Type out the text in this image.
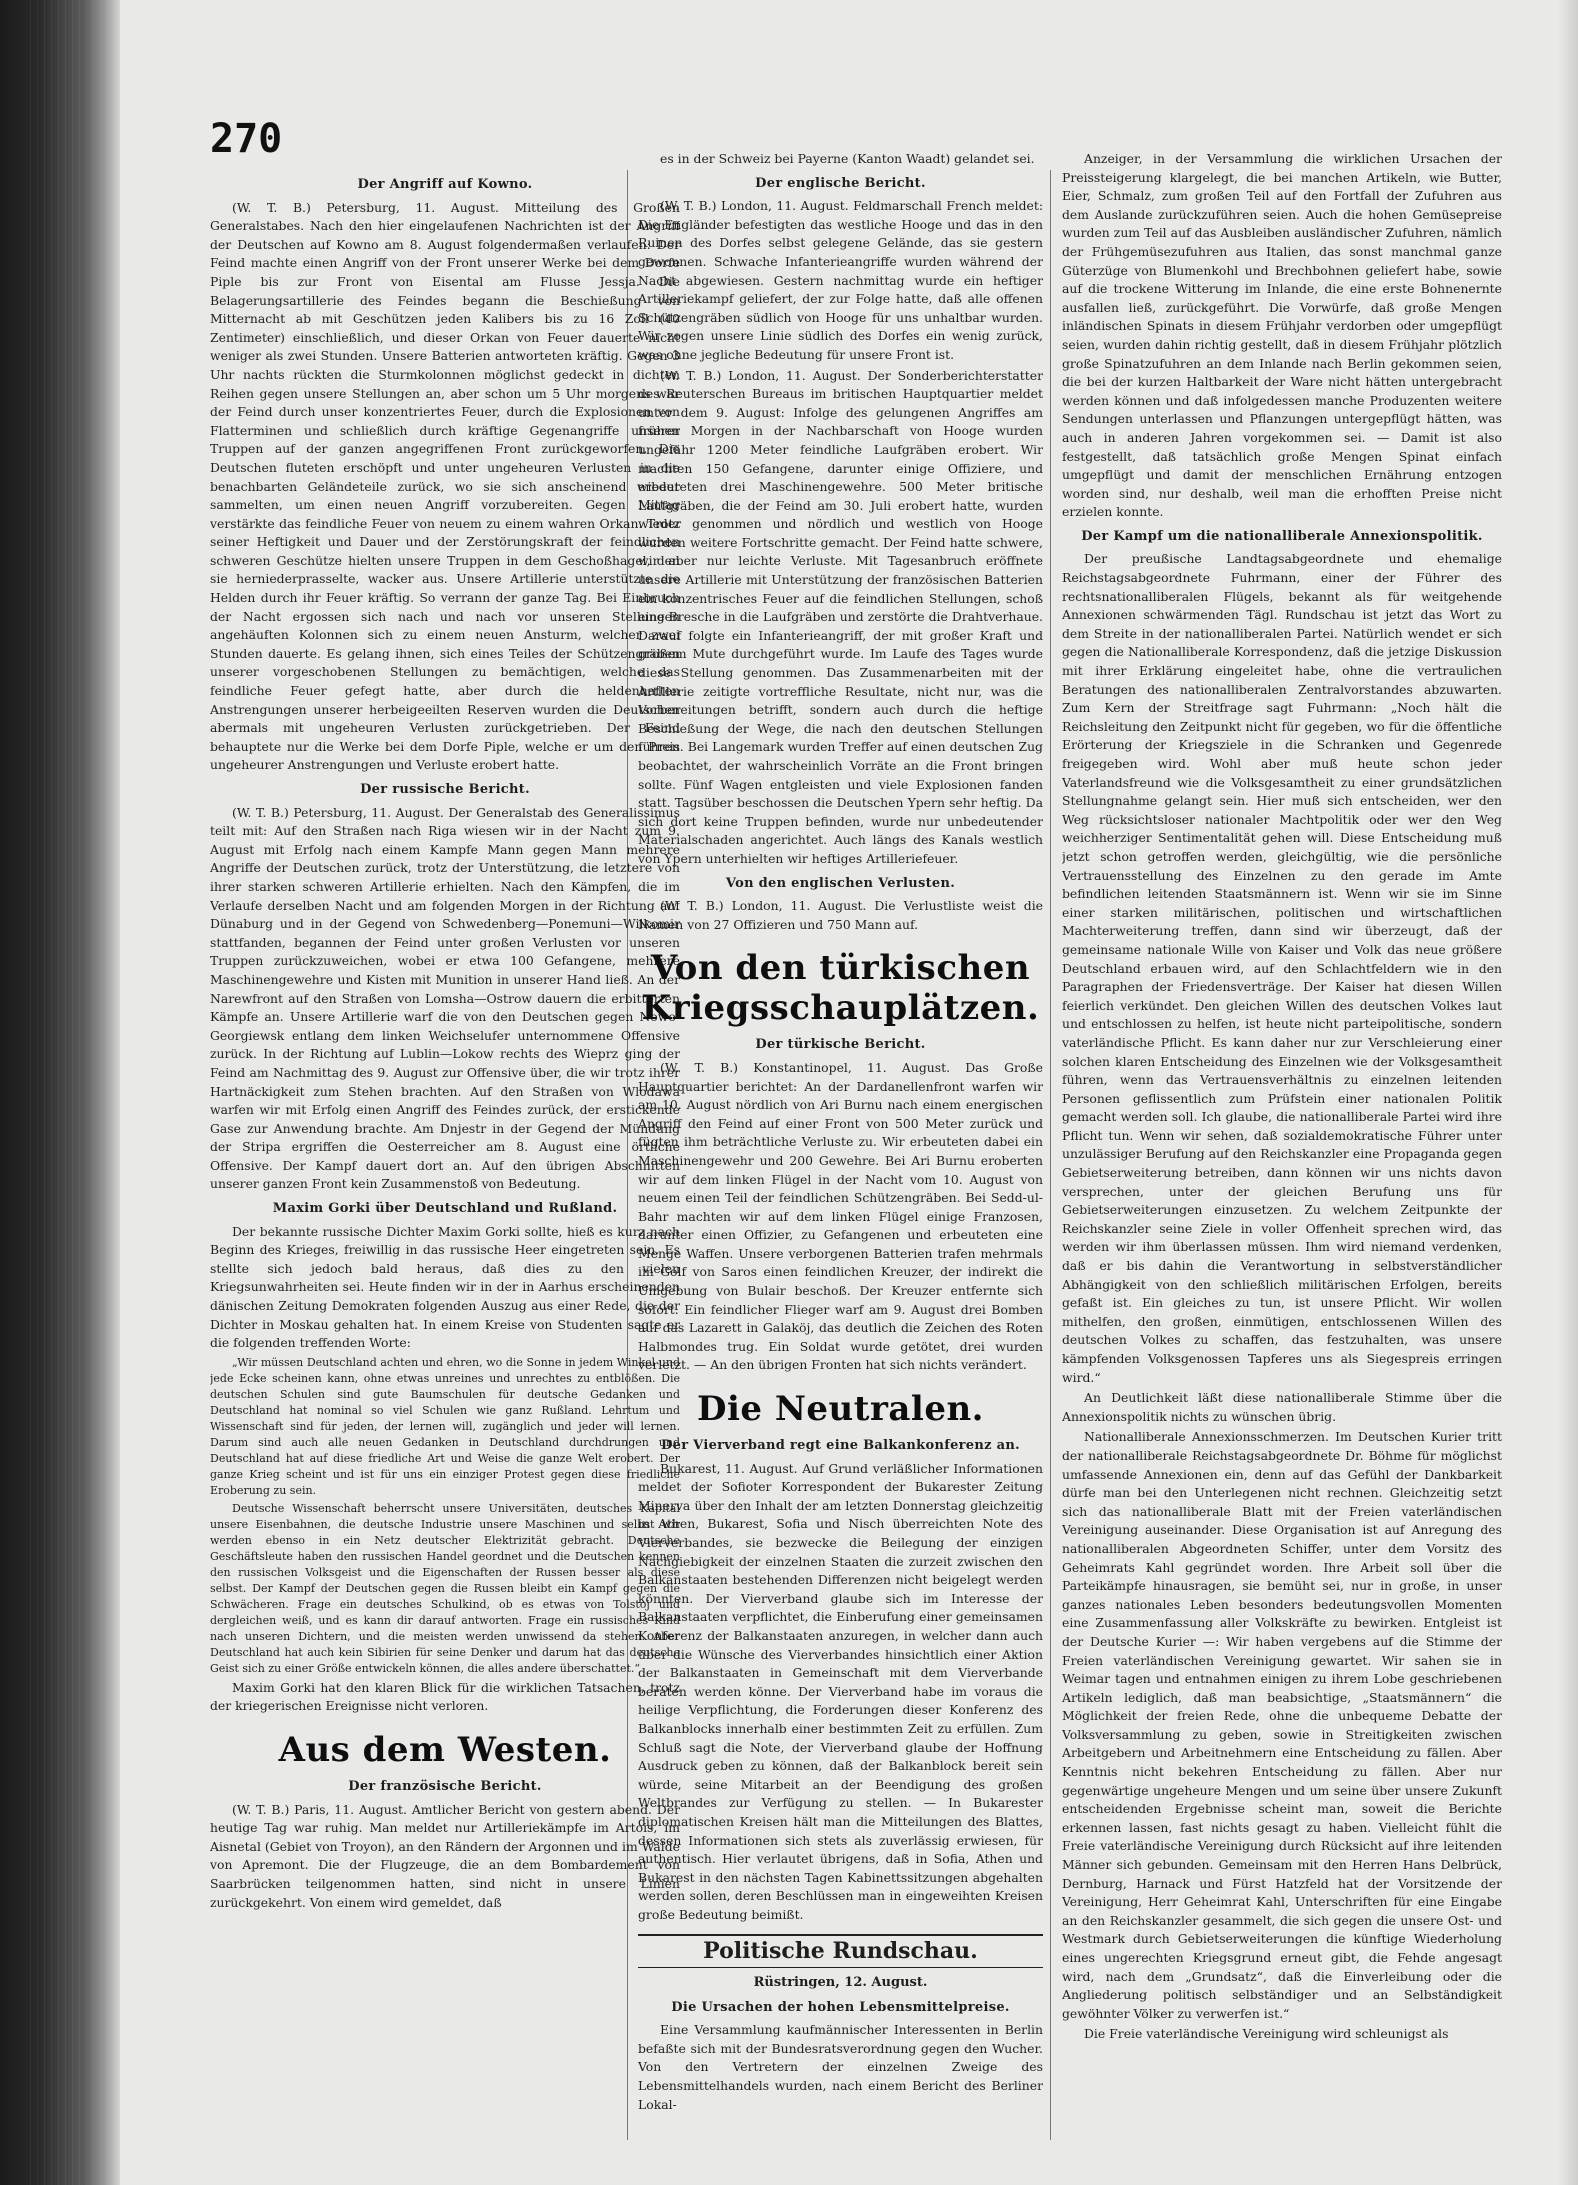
270
Der Angriff auf Kowno.
(W. T. B.) Petersburg, 11. August. Mitteilung des Großen Generalstabes. Nach den hier eingelaufenen Nachrichten ist der Angriff der Deutschen auf Kowno am 8. August folgendermaßen verlaufen: Der Feind machte einen Angriff von der Front unserer Werke bei dem Dorfe Piple bis zur Front von Eisental am Flusse Jessja. Die Belagerungsartillerie des Feindes begann die Beschießung von Mitternacht ab mit Geschützen jeden Kalibers bis zu 16 Zoll (40 Zentimeter) einschließlich, und dieser Orkan von Feuer dauerte nicht weniger als zwei Stunden. Unsere Batterien antworteten kräftig. Gegen 3 Uhr nachts rückten die Sturmkolonnen möglichst gedeckt in dichten Reihen gegen unsere Stellungen an, aber schon um 5 Uhr morgens war der Feind durch unser konzentriertes Feuer, durch die Explosionen von Flatterminen und schließlich durch kräftige Gegenangriffe unserer Truppen auf der ganzen angegriffenen Front zurückgeworfen. Die Deutschen fluteten erschöpft und unter ungeheuren Verlusten in die benachbarten Geländeteile zurück, wo sie sich anscheinend wieder sammelten, um einen neuen Angriff vorzubereiten. Gegen Mittag verstärkte das feindliche Feuer von neuem zu einem wahren Orkan. Trotz seiner Heftigkeit und Dauer und der Zerstörungskraft der feindlichen schweren Geschütze hielten unsere Truppen in dem Geschoßhagel, den sie herniederprasselte, wacker aus. Unsere Artillerie unterstützte die Helden durch ihr Feuer kräftig. So verrann der ganze Tag. Bei Einbruch der Nacht ergossen sich nach und nach vor unseren Stellungen angehäuften Kolonnen sich zu einem neuen Ansturm, welcher zwei Stunden dauerte. Es gelang ihnen, sich eines Teiles der Schützengräben unserer vorgeschobenen Stellungen zu bemächtigen, welche das feindliche Feuer gefegt hatte, aber durch die heldenhaften Anstrengungen unserer herbeigeeilten Reserven wurden die Deutschen abermals mit ungeheuren Verlusten zurückgetrieben. Der Feind behauptete nur die Werke bei dem Dorfe Piple, welche er um den Preis ungeheurer Anstrengungen und Verluste erobert hatte.
Der russische Bericht.
(W. T. B.) Petersburg, 11. August. Der Generalstab des Generalissimus teilt mit: Auf den Straßen nach Riga wiesen wir in der Nacht zum 9. August mit Erfolg nach einem Kampfe Mann gegen Mann mehrere Angriffe der Deutschen zurück, trotz der Unterstützung, die letztere von ihrer starken schweren Artillerie erhielten. Nach den Kämpfen, die im Verlaufe derselben Nacht und am folgenden Morgen in der Richtung auf Dünaburg und in der Gegend von Schwedenberg—Ponemuni—Wilkomir stattfanden, begannen der Feind unter großen Verlusten vor unseren Truppen zurückzuweichen, wobei er etwa 100 Gefangene, mehrere Maschinengewehre und Kisten mit Munition in unserer Hand ließ. An der Narewfront auf den Straßen von Lomsha—Ostrow dauern die erbitterten Kämpfe an. Unsere Artillerie warf die von den Deutschen gegen Nowo-Georgiewsk entlang dem linken Weichselufer unternommene Offensive zurück. In der Richtung auf Lublin—Lokow rechts des Wieprz ging der Feind am Nachmittag des 9. August zur Offensive über, die wir trotz ihrer Hartnäckigkeit zum Stehen brachten. Auf den Straßen von Wlodawa warfen wir mit Erfolg einen Angriff des Feindes zurück, der erstickende Gase zur Anwendung brachte. Am Dnjestr in der Gegend der Mündung der Stripa ergriffen die Oesterreicher am 8. August eine örtliche Offensive. Der Kampf dauert dort an. Auf den übrigen Abschnitten unserer ganzen Front kein Zusammenstoß von Bedeutung.
Maxim Gorki über Deutschland und Rußland.
Der bekannte russische Dichter Maxim Gorki sollte, hieß es kurz nach Beginn des Krieges, freiwillig in das russische Heer eingetreten sein. Es stellte sich jedoch bald heraus, daß dies zu den vielen Kriegsunwahrheiten sei. Heute finden wir in der in Aarhus erscheinenden dänischen Zeitung Demokraten folgenden Auszug aus einer Rede, die der Dichter in Moskau gehalten hat. In einem Kreise von Studenten sagte er die folgenden treffenden Worte:
„Wir müssen Deutschland achten und ehren, wo die Sonne in jedem Winkel und jede Ecke scheinen kann, ohne etwas unreines und unrechtes zu entblößen. Die deutschen Schulen sind gute Baumschulen für deutsche Gedanken und Deutschland hat nominal so viel Schulen wie ganz Rußland. Lehrtum und Wissenschaft sind für jeden, der lernen will, zugänglich und jeder will lernen. Darum sind auch alle neuen Gedanken in Deutschland durchdrungen und Deutschland hat auf diese friedliche Art und Weise die ganze Welt erobert. Der ganze Krieg scheint und ist für uns ein einziger Protest gegen diese friedliche Eroberung zu sein.
Deutsche Wissenschaft beherrscht unsere Universitäten, deutsches Kapital unsere Eisenbahnen, die deutsche Industrie unsere Maschinen und selbst wir werden ebenso in ein Netz deutscher Elektrizität gebracht. Deutsche Geschäftsleute haben den russischen Handel geordnet und die Deutschen kennen den russischen Volksgeist und die Eigenschaften der Russen besser als diese selbst. Der Kampf der Deutschen gegen die Russen bleibt ein Kampf gegen die Schwächeren. Frage ein deutsches Schulkind, ob es etwas von Tolstoj und dergleichen weiß, und es kann dir darauf antworten. Frage ein russisches Kind nach unseren Dichtern, und die meisten werden unwissend da stehen. Aber Deutschland hat auch kein Sibirien für seine Denker und darum hat das deutsche Geist sich zu einer Größe entwickeln können, die alles andere überschattet.“
Maxim Gorki hat den klaren Blick für die wirklichen Tatsachen, trotz der kriegerischen Ereignisse nicht verloren.
Aus dem Westen.
Der französische Bericht.
(W. T. B.) Paris, 11. August. Amtlicher Bericht von gestern abend. Der heutige Tag war ruhig. Man meldet nur Artilleriekämpfe im Artois, im Aisnetal (Gebiet von Troyon), an den Rändern der Argonnen und im Walde von Apremont. Die der Flugzeuge, die an dem Bombardement von Saarbrücken teilgenommen hatten, sind nicht in unsere Linien zurückgekehrt. Von einem wird gemeldet, daß
es in der Schweiz bei Payerne (Kanton Waadt) gelandet sei.
Der englische Bericht.
(W. T. B.) London, 11. August. Feldmarschall French meldet: Die Engländer befestigten das westliche Hooge und das in den Ruinen des Dorfes selbst gelegene Gelände, das sie gestern gewonnen. Schwache Infanterieangriffe wurden während der Nacht abgewiesen. Gestern nachmittag wurde ein heftiger Artilleriekampf geliefert, der zur Folge hatte, daß alle offenen Schützengräben südlich von Hooge für uns unhaltbar wurden. Wir zogen unsere Linie südlich des Dorfes ein wenig zurück, was ohne jegliche Bedeutung für unsere Front ist.
(W. T. B.) London, 11. August. Der Sonderberichterstatter des Reuterschen Bureaus im britischen Hauptquartier meldet unter dem 9. August: Infolge des gelungenen Angriffes am frühen Morgen in der Nachbarschaft von Hooge wurden ungefähr 1200 Meter feindliche Laufgräben erobert. Wir machten 150 Gefangene, darunter einige Offiziere, und erbeuteten drei Maschinengewehre. 500 Meter britische Laufgräben, die der Feind am 30. Juli erobert hatte, wurden wieder genommen und nördlich und westlich von Hooge wurden weitere Fortschritte gemacht. Der Feind hatte schwere, wir aber nur leichte Verluste. Mit Tagesanbruch eröffnete unsere Artillerie mit Unterstützung der französischen Batterien ein konzentrisches Feuer auf die feindlichen Stellungen, schoß eine Bresche in die Laufgräben und zerstörte die Drahtverhaue. Darauf folgte ein Infanterieangriff, der mit großer Kraft und großem Mute durchgeführt wurde. Im Laufe des Tages wurde diese Stellung genommen. Das Zusammenarbeiten mit der Artillerie zeitigte vortreffliche Resultate, nicht nur, was die Vorbereitungen betrifft, sondern auch durch die heftige Beschießung der Wege, die nach den deutschen Stellungen führen. Bei Langemark wurden Treffer auf einen deutschen Zug beobachtet, der wahrscheinlich Vorräte an die Front bringen sollte. Fünf Wagen entgleisten und viele Explosionen fanden statt. Tagsüber beschossen die Deutschen Ypern sehr heftig. Da sich dort keine Truppen befinden, wurde nur unbedeutender Materialschaden angerichtet. Auch längs des Kanals westlich von Ypern unterhielten wir heftiges Artilleriefeuer.
Von den englischen Verlusten.
(W. T. B.) London, 11. August. Die Verlustliste weist die Namen von 27 Offizieren und 750 Mann auf.
Von den türkischen Kriegsschauplätzen.
Der türkische Bericht.
(W. T. B.) Konstantinopel, 11. August. Das Große Hauptquartier berichtet: An der Dardanellenfront warfen wir am 10. August nördlich von Ari Burnu nach einem energischen Angriff den Feind auf einer Front von 500 Meter zurück und fügten ihm beträchtliche Verluste zu. Wir erbeuteten dabei ein Maschinengewehr und 200 Gewehre. Bei Ari Burnu eroberten wir auf dem linken Flügel in der Nacht vom 10. August von neuem einen Teil der feindlichen Schützengräben. Bei Sedd-ul-Bahr machten wir auf dem linken Flügel einige Franzosen, darunter einen Offizier, zu Gefangenen und erbeuteten eine Menge Waffen. Unsere verborgenen Batterien trafen mehrmals im Golf von Saros einen feindlichen Kreuzer, der indirekt die Umgebung von Bulair beschoß. Der Kreuzer entfernte sich sofort. Ein feindlicher Flieger warf am 9. August drei Bomben auf das Lazarett in Galaköj, das deutlich die Zeichen des Roten Halbmondes trug. Ein Soldat wurde getötet, drei wurden verletzt. — An den übrigen Fronten hat sich nichts verändert.
Die Neutralen.
Der Vierverband regt eine Balkankonferenz an.
Bukarest, 11. August. Auf Grund verläßlicher Informationen meldet der Sofioter Korrespondent der Bukarester Zeitung Minerva über den Inhalt der am letzten Donnerstag gleichzeitig in Athen, Bukarest, Sofia und Nisch überreichten Note des Vierverbandes, sie bezwecke die Beilegung der einzigen Nachgiebigkeit der einzelnen Staaten die zurzeit zwischen den Balkanstaaten bestehenden Differenzen nicht beigelegt werden könnten. Der Vierverband glaube sich im Interesse der Balkanstaaten verpflichtet, die Einberufung einer gemeinsamen Konferenz der Balkanstaaten anzuregen, in welcher dann auch über die Wünsche des Vierverbandes hinsichtlich einer Aktion der Balkanstaaten in Gemeinschaft mit dem Vierverbande beraten werden könne. Der Vierverband habe im voraus die heilige Verpflichtung, die Forderungen dieser Konferenz des Balkanblocks innerhalb einer bestimmten Zeit zu erfüllen. Zum Schluß sagt die Note, der Vierverband glaube der Hoffnung Ausdruck geben zu können, daß der Balkanblock bereit sein würde, seine Mitarbeit an der Beendigung des großen Weltbrandes zur Verfügung zu stellen. — In Bukarester diplomatischen Kreisen hält man die Mitteilungen des Blattes, dessen Informationen sich stets als zuverlässig erwiesen, für authentisch. Hier verlautet übrigens, daß in Sofia, Athen und Bukarest in den nächsten Tagen Kabinettssitzungen abgehalten werden sollen, deren Beschlüssen man in eingeweihten Kreisen große Bedeutung beimißt.
Politische Rundschau.
Rüstringen, 12. August.
Die Ursachen der hohen Lebensmittelpreise.
Eine Versammlung kaufmännischer Interessenten in Berlin befaßte sich mit der Bundesratsverordnung gegen den Wucher. Von den Vertretern der einzelnen Zweige des Lebensmittelhandels wurden, nach einem Bericht des Berliner Lokal-
Anzeiger, in der Versammlung die wirklichen Ursachen der Preissteigerung klargelegt, die bei manchen Artikeln, wie Butter, Eier, Schmalz, zum großen Teil auf den Fortfall der Zufuhren aus dem Auslande zurückzuführen seien. Auch die hohen Gemüsepreise wurden zum Teil auf das Ausbleiben ausländischer Zufuhren, nämlich der Frühgemüsezufuhren aus Italien, das sonst manchmal ganze Güterzüge von Blumenkohl und Brechbohnen geliefert habe, sowie auf die trockene Witterung im Inlande, die eine erste Bohnenernte ausfallen ließ, zurückgeführt. Die Vorwürfe, daß große Mengen inländischen Spinats in diesem Frühjahr verdorben oder umgepflügt seien, wurden dahin richtig gestellt, daß in diesem Frühjahr plötzlich große Spinatzufuhren an dem Inlande nach Berlin gekommen seien, die bei der kurzen Haltbarkeit der Ware nicht hätten untergebracht werden können und daß infolgedessen manche Produzenten weitere Sendungen unterlassen und Pflanzungen untergepflügt hätten, was auch in anderen Jahren vorgekommen sei. — Damit ist also festgestellt, daß tatsächlich große Mengen Spinat einfach umgepflügt und damit der menschlichen Ernährung entzogen worden sind, nur deshalb, weil man die erhofften Preise nicht erzielen konnte.
Der Kampf um die nationalliberale Annexionspolitik.
Der preußische Landtagsabgeordnete und ehemalige Reichstagsabgeordnete Fuhrmann, einer der Führer des rechtsnationalliberalen Flügels, bekannt als für weitgehende Annexionen schwärmenden Tägl. Rundschau ist jetzt das Wort zu dem Streite in der nationalliberalen Partei. Natürlich wendet er sich gegen die Nationalliberale Korrespondenz, daß die jetzige Diskussion mit ihrer Erklärung eingeleitet habe, ohne die vertraulichen Beratungen des nationalliberalen Zentralvorstandes abzuwarten. Zum Kern der Streitfrage sagt Fuhrmann: „Noch hält die Reichsleitung den Zeitpunkt nicht für gegeben, wo für die öffentliche Erörterung der Kriegsziele in die Schranken und Gegenrede freigegeben wird. Wohl aber muß heute schon jeder Vaterlandsfreund wie die Volksgesamtheit zu einer grundsätzlichen Stellungnahme gelangt sein. Hier muß sich entscheiden, wer den Weg rücksichtsloser nationaler Machtpolitik oder wer den Weg weichherziger Sentimentalität gehen will. Diese Entscheidung muß jetzt schon getroffen werden, gleichgültig, wie die persönliche Vertrauensstellung des Einzelnen zu den gerade im Amte befindlichen leitenden Staatsmännern ist. Wenn wir sie im Sinne einer starken militärischen, politischen und wirtschaftlichen Machterweiterung treffen, dann sind wir überzeugt, daß der gemeinsame nationale Wille von Kaiser und Volk das neue größere Deutschland erbauen wird, auf den Schlachtfeldern wie in den Paragraphen der Friedensverträge. Der Kaiser hat diesen Willen feierlich verkündet. Den gleichen Willen des deutschen Volkes laut und entschlossen zu helfen, ist heute nicht parteipolitische, sondern vaterländische Pflicht. Es kann daher nur zur Verschleierung einer solchen klaren Entscheidung des Einzelnen wie der Volksgesamtheit führen, wenn das Vertrauensverhältnis zu einzelnen leitenden Personen geflissentlich zum Prüfstein einer nationalen Politik gemacht werden soll. Ich glaube, die nationalliberale Partei wird ihre Pflicht tun. Wenn wir sehen, daß sozialdemokratische Führer unter unzulässiger Berufung auf den Reichskanzler eine Propaganda gegen Gebietserweiterung betreiben, dann können wir uns nichts davon versprechen, unter der gleichen Berufung uns für Gebietserweiterungen einzusetzen. Zu welchem Zeitpunkte der Reichskanzler seine Ziele in voller Offenheit sprechen wird, das werden wir ihm überlassen müssen. Ihm wird niemand verdenken, daß er bis dahin die Verantwortung in selbstverständlicher Abhängigkeit von den schließlich militärischen Erfolgen, bereits gefaßt ist. Ein gleiches zu tun, ist unsere Pflicht. Wir wollen mithelfen, den großen, einmütigen, entschlossenen Willen des deutschen Volkes zu schaffen, das festzuhalten, was unsere kämpfenden Volksgenossen Tapferes uns als Siegespreis erringen wird.“
An Deutlichkeit läßt diese nationalliberale Stimme über die Annexionspolitik nichts zu wünschen übrig.
Nationalliberale Annexionsschmerzen. Im Deutschen Kurier tritt der nationalliberale Reichstagsabgeordnete Dr. Böhme für möglichst umfassende Annexionen ein, denn auf das Gefühl der Dankbarkeit dürfe man bei den Unterlegenen nicht rechnen. Gleichzeitig setzt sich das nationalliberale Blatt mit der Freien vaterländischen Vereinigung auseinander. Diese Organisation ist auf Anregung des nationalliberalen Abgeordneten Schiffer, unter dem Vorsitz des Geheimrats Kahl gegründet worden. Ihre Arbeit soll über die Parteikämpfe hinausragen, sie bemüht sei, nur in große, in unser ganzes nationales Leben besonders bedeutungsvollen Momenten eine Zusammenfassung aller Volkskräfte zu bewirken. Entgleist ist der Deutsche Kurier —: Wir haben vergebens auf die Stimme der Freien vaterländischen Vereinigung gewartet. Wir sahen sie in Weimar tagen und entnahmen einigen zu ihrem Lobe geschriebenen Artikeln lediglich, daß man beabsichtige, „Staatsmännern“ die Möglichkeit der freien Rede, ohne die unbequeme Debatte der Volksversammlung zu geben, sowie in Streitigkeiten zwischen Arbeitgebern und Arbeitnehmern eine Entscheidung zu fällen. Aber Kenntnis nicht bekehren Entscheidung zu fällen. Aber nur gegenwärtige ungeheure Mengen und um seine über unsere Zukunft entscheidenden Ergebnisse scheint man, soweit die Berichte erkennen lassen, fast nichts gesagt zu haben. Vielleicht fühlt die Freie vaterländische Vereinigung durch Rücksicht auf ihre leitenden Männer sich gebunden. Gemeinsam mit den Herren Hans Delbrück, Dernburg, Harnack und Fürst Hatzfeld hat der Vorsitzende der Vereinigung, Herr Geheimrat Kahl, Unterschriften für eine Eingabe an den Reichskanzler gesammelt, die sich gegen die unsere Ost- und Westmark durch Gebietserweiterungen die künftige Wiederholung eines ungerechten Kriegsgrund erneut gibt, die Fehde angesagt wird, nach dem „Grundsatz“, daß die Einverleibung oder die Angliederung politisch selbständiger und an Selbständigkeit gewöhnter Völker zu verwerfen ist.“
Die Freie vaterländische Vereinigung wird schleunigst als
